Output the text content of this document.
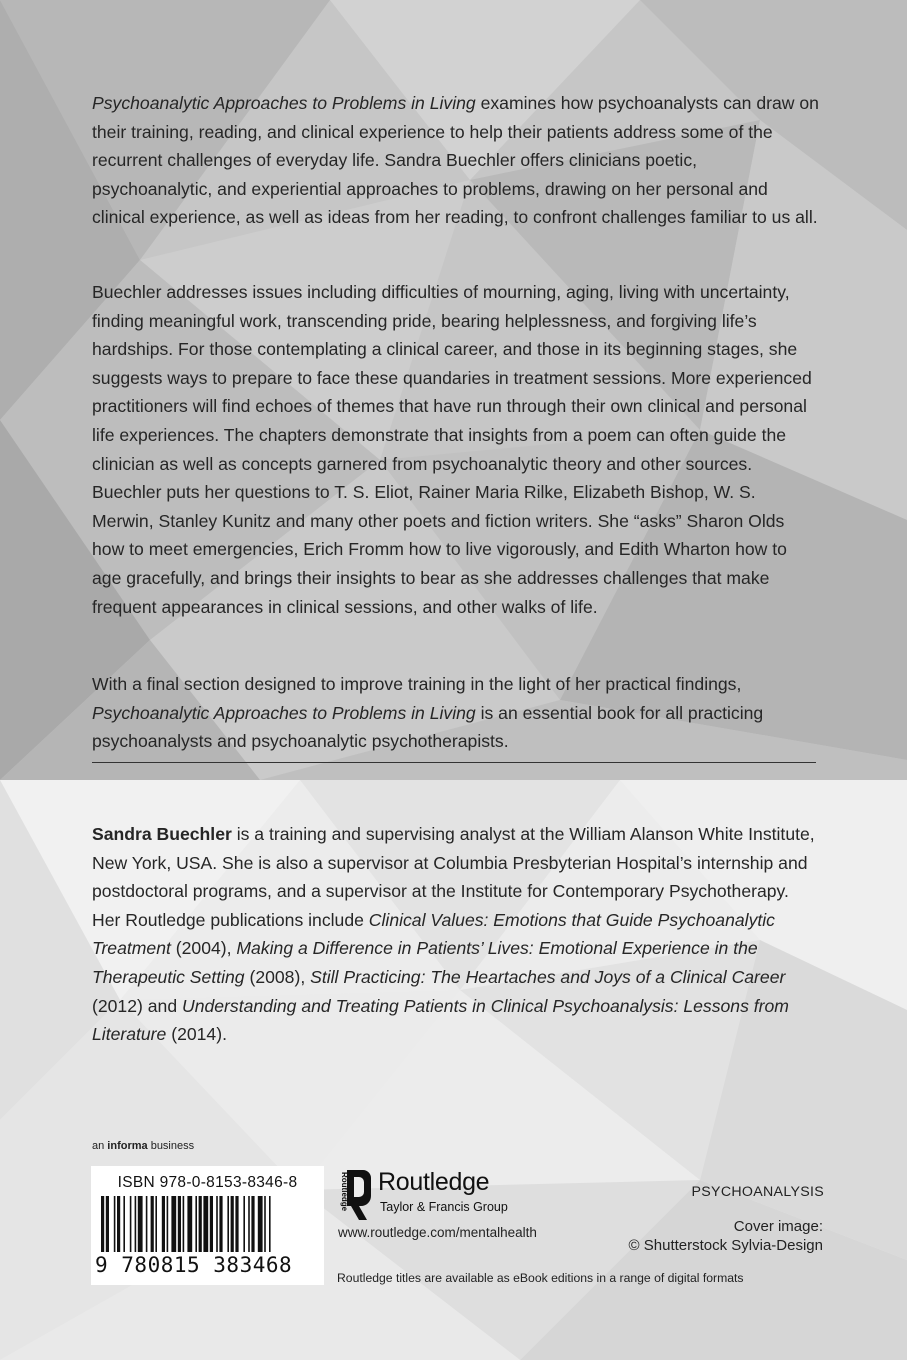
Psychoanalytic Approaches to Problems in Living examines how psychoanalysts can draw on their training, reading, and clinical experience to help their patients address some of the recurrent challenges of everyday life. Sandra Buechler offers clinicians poetic, psychoanalytic, and experiential approaches to problems, drawing on her personal and clinical experience, as well as ideas from her reading, to confront challenges familiar to us all.

Buechler addresses issues including difficulties of mourning, aging, living with uncertainty, finding meaningful work, transcending pride, bearing helplessness, and forgiving life’s hardships. For those contemplating a clinical career, and those in its beginning stages, she suggests ways to prepare to face these quandaries in treatment sessions. More experienced practitioners will find echoes of themes that have run through their own clinical and personal life experiences. The chapters demonstrate that insights from a poem can often guide the clinician as well as concepts garnered from psychoanalytic theory and other sources. Buechler puts her questions to T. S. Eliot, Rainer Maria Rilke, Elizabeth Bishop, W. S. Merwin, Stanley Kunitz and many other poets and fiction writers. She “asks” Sharon Olds how to meet emergencies, Erich Fromm how to live vigorously, and Edith Wharton how to age gracefully, and brings their insights to bear as she addresses challenges that make frequent appearances in clinical sessions, and other walks of life.

With a final section designed to improve training in the light of her practical findings, Psychoanalytic Approaches to Problems in Living is an essential book for all practicing psychoanalysts and psychoanalytic psychotherapists.

Sandra Buechler is a training and supervising analyst at the William Alanson White Institute, New York, USA. She is also a supervisor at Columbia Presbyterian Hospital’s internship and postdoctoral programs, and a supervisor at the Institute for Contemporary Psychotherapy. Her Routledge publications include Clinical Values: Emotions that Guide Psychoanalytic Treatment (2004), Making a Difference in Patients’ Lives: Emotional Experience in the Therapeutic Setting (2008), Still Practicing: The Heartaches and Joys of a Clinical Career (2012) and Understanding and Treating Patients in Clinical Psychoanalysis: Lessons from Literature (2014).

an informa business
ISBN 978-0-8153-8346-8
9 780815 383468
Routledge Routledge
Taylor & Francis Group
www.routledge.com/mentalhealth
Routledge titles are available as eBook editions in a range of digital formats
PSYCHOANALYSIS
Cover image:
© Shutterstock Sylvia-Design
